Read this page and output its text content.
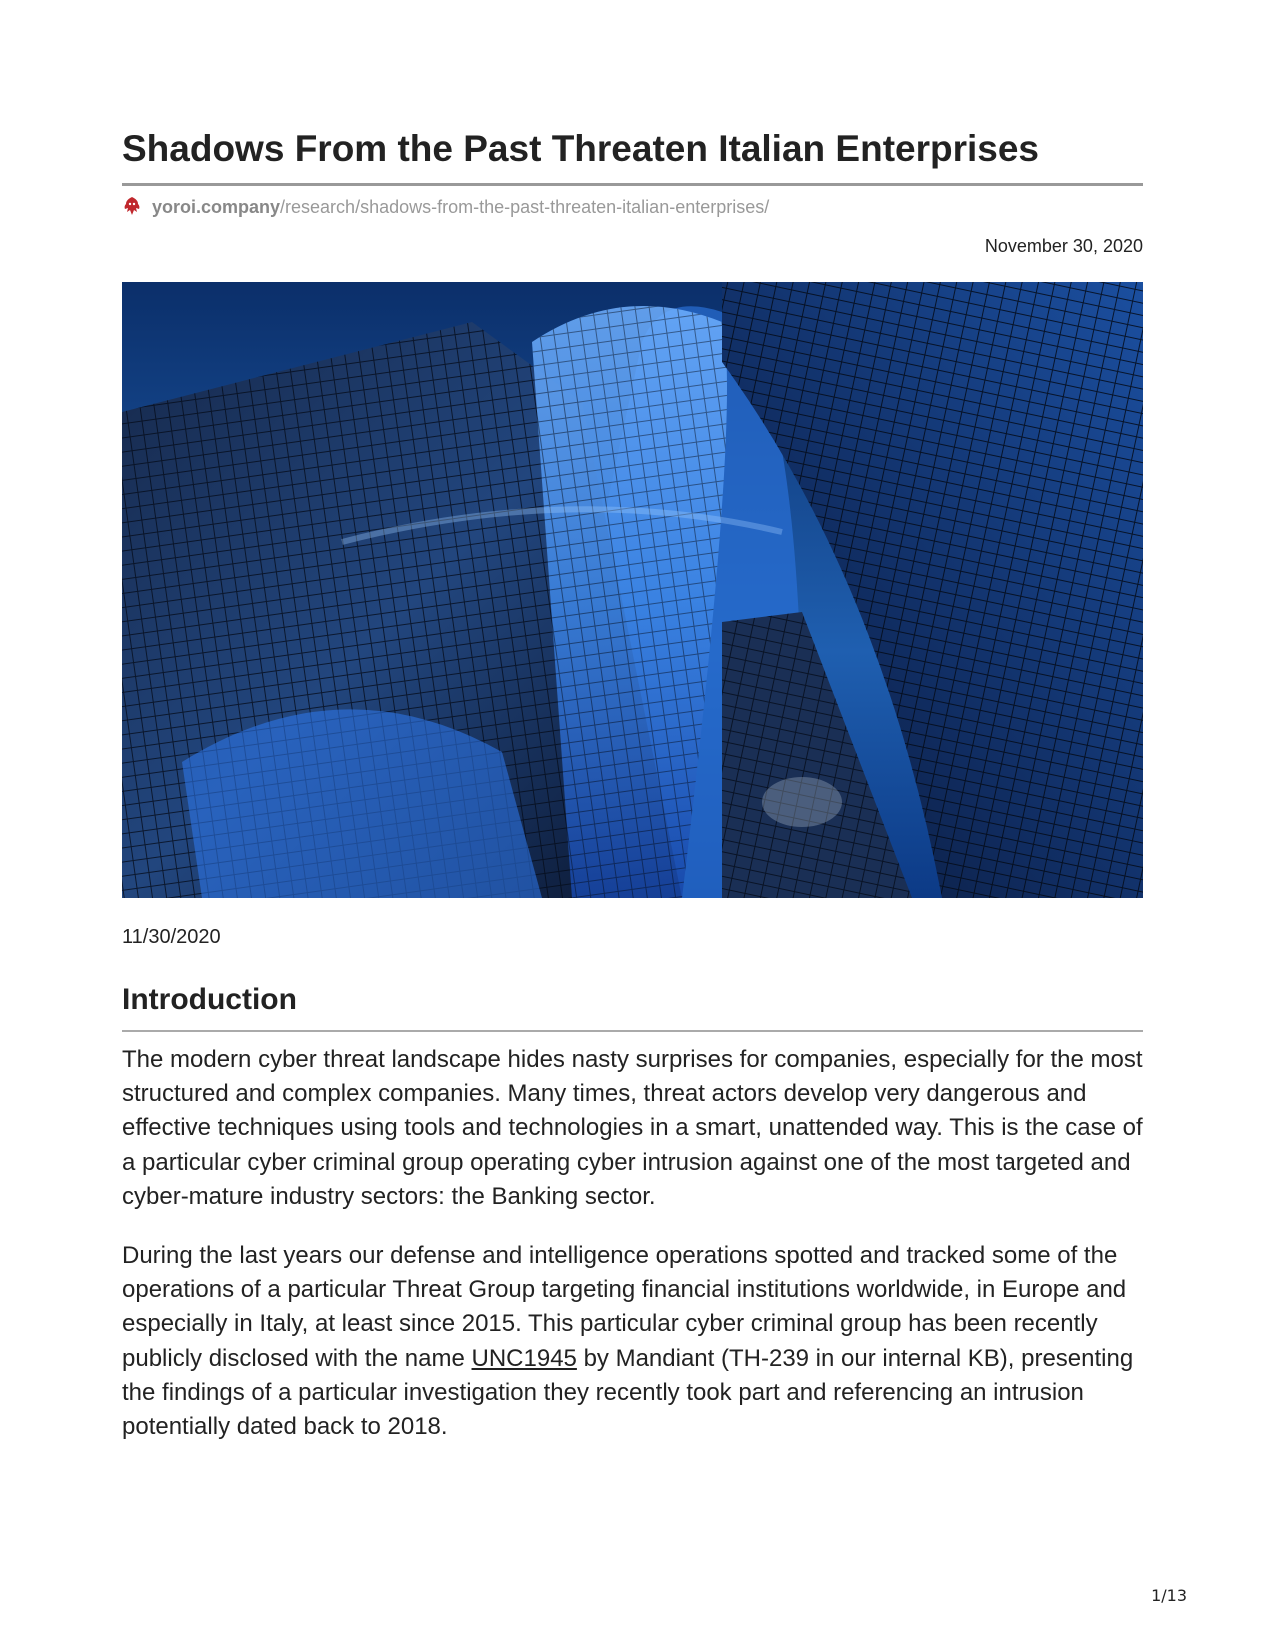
Shadows From the Past Threaten Italian Enterprises
yoroi.company/research/shadows-from-the-past-threaten-italian-enterprises/
November 30, 2020
11/30/2020
Introduction

The modern cyber threat landscape hides nasty surprises for companies, especially for the most structured and complex companies. Many times, threat actors develop very dangerous and effective techniques using tools and technologies in a smart, unattended way. This is the case of a particular cyber criminal group operating cyber intrusion against one of the most targeted and cyber-mature industry sectors: the Banking sector.

During the last years our defense and intelligence operations spotted and tracked some of the operations of a particular Threat Group targeting financial institutions worldwide, in Europe and especially in Italy, at least since 2015. This particular cyber criminal group has been recently publicly disclosed with the name UNC1945 by Mandiant (TH-239 in our internal KB), presenting the findings of a particular investigation they recently took part and referencing an intrusion potentially dated back to 2018.

1/13
